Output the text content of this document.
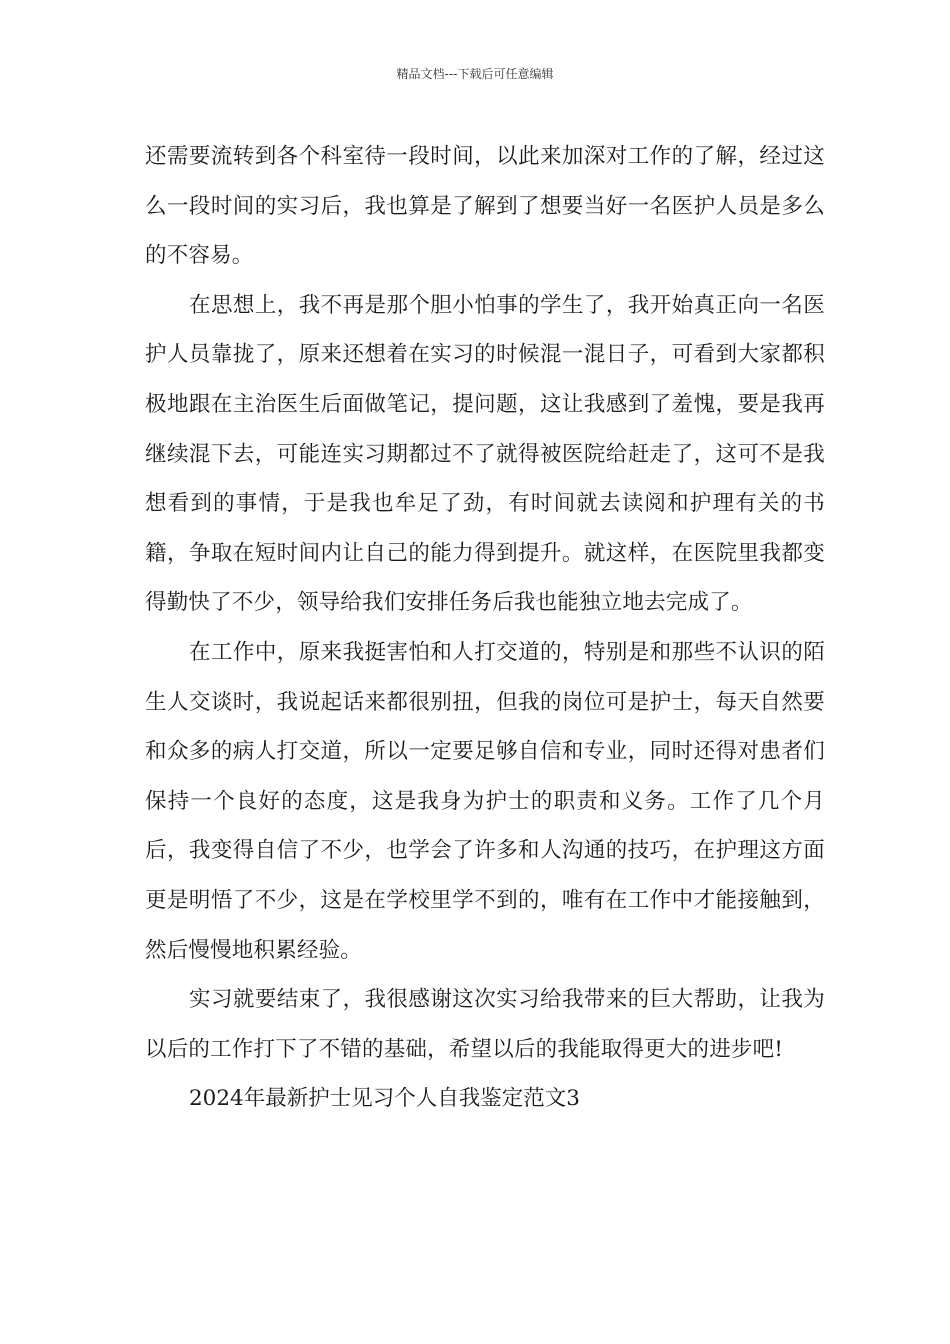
精品文档---下载后可任意编辑

还需要流转到各个科室待一段时间，以此来加深对工作的了解，经过这么一段时间的实习后，我也算是了解到了想要当好一名医护人员是多么的不容易。

在思想上，我不再是那个胆小怕事的学生了，我开始真正向一名医护人员靠拢了，原来还想着在实习的时候混一混日子，可看到大家都积极地跟在主治医生后面做笔记，提问题，这让我感到了羞愧，要是我再继续混下去，可能连实习期都过不了就得被医院给赶走了，这可不是我想看到的事情，于是我也牟足了劲，有时间就去读阅和护理有关的书籍，争取在短时间内让自己的能力得到提升。就这样，在医院里我都变得勤快了不少，领导给我们安排任务后我也能独立地去完成了。

在工作中，原来我挺害怕和人打交道的，特别是和那些不认识的陌生人交谈时，我说起话来都很别扭，但我的岗位可是护士，每天自然要和众多的病人打交道，所以一定要足够自信和专业，同时还得对患者们保持一个良好的态度，这是我身为护士的职责和义务。工作了几个月后，我变得自信了不少，也学会了许多和人沟通的技巧，在护理这方面更是明悟了不少，这是在学校里学不到的，唯有在工作中才能接触到，然后慢慢地积累经验。

实习就要结束了，我很感谢这次实习给我带来的巨大帮助，让我为以后的工作打下了不错的基础，希望以后的我能取得更大的进步吧!

2024年最新护士见习个人自我鉴定范文3
